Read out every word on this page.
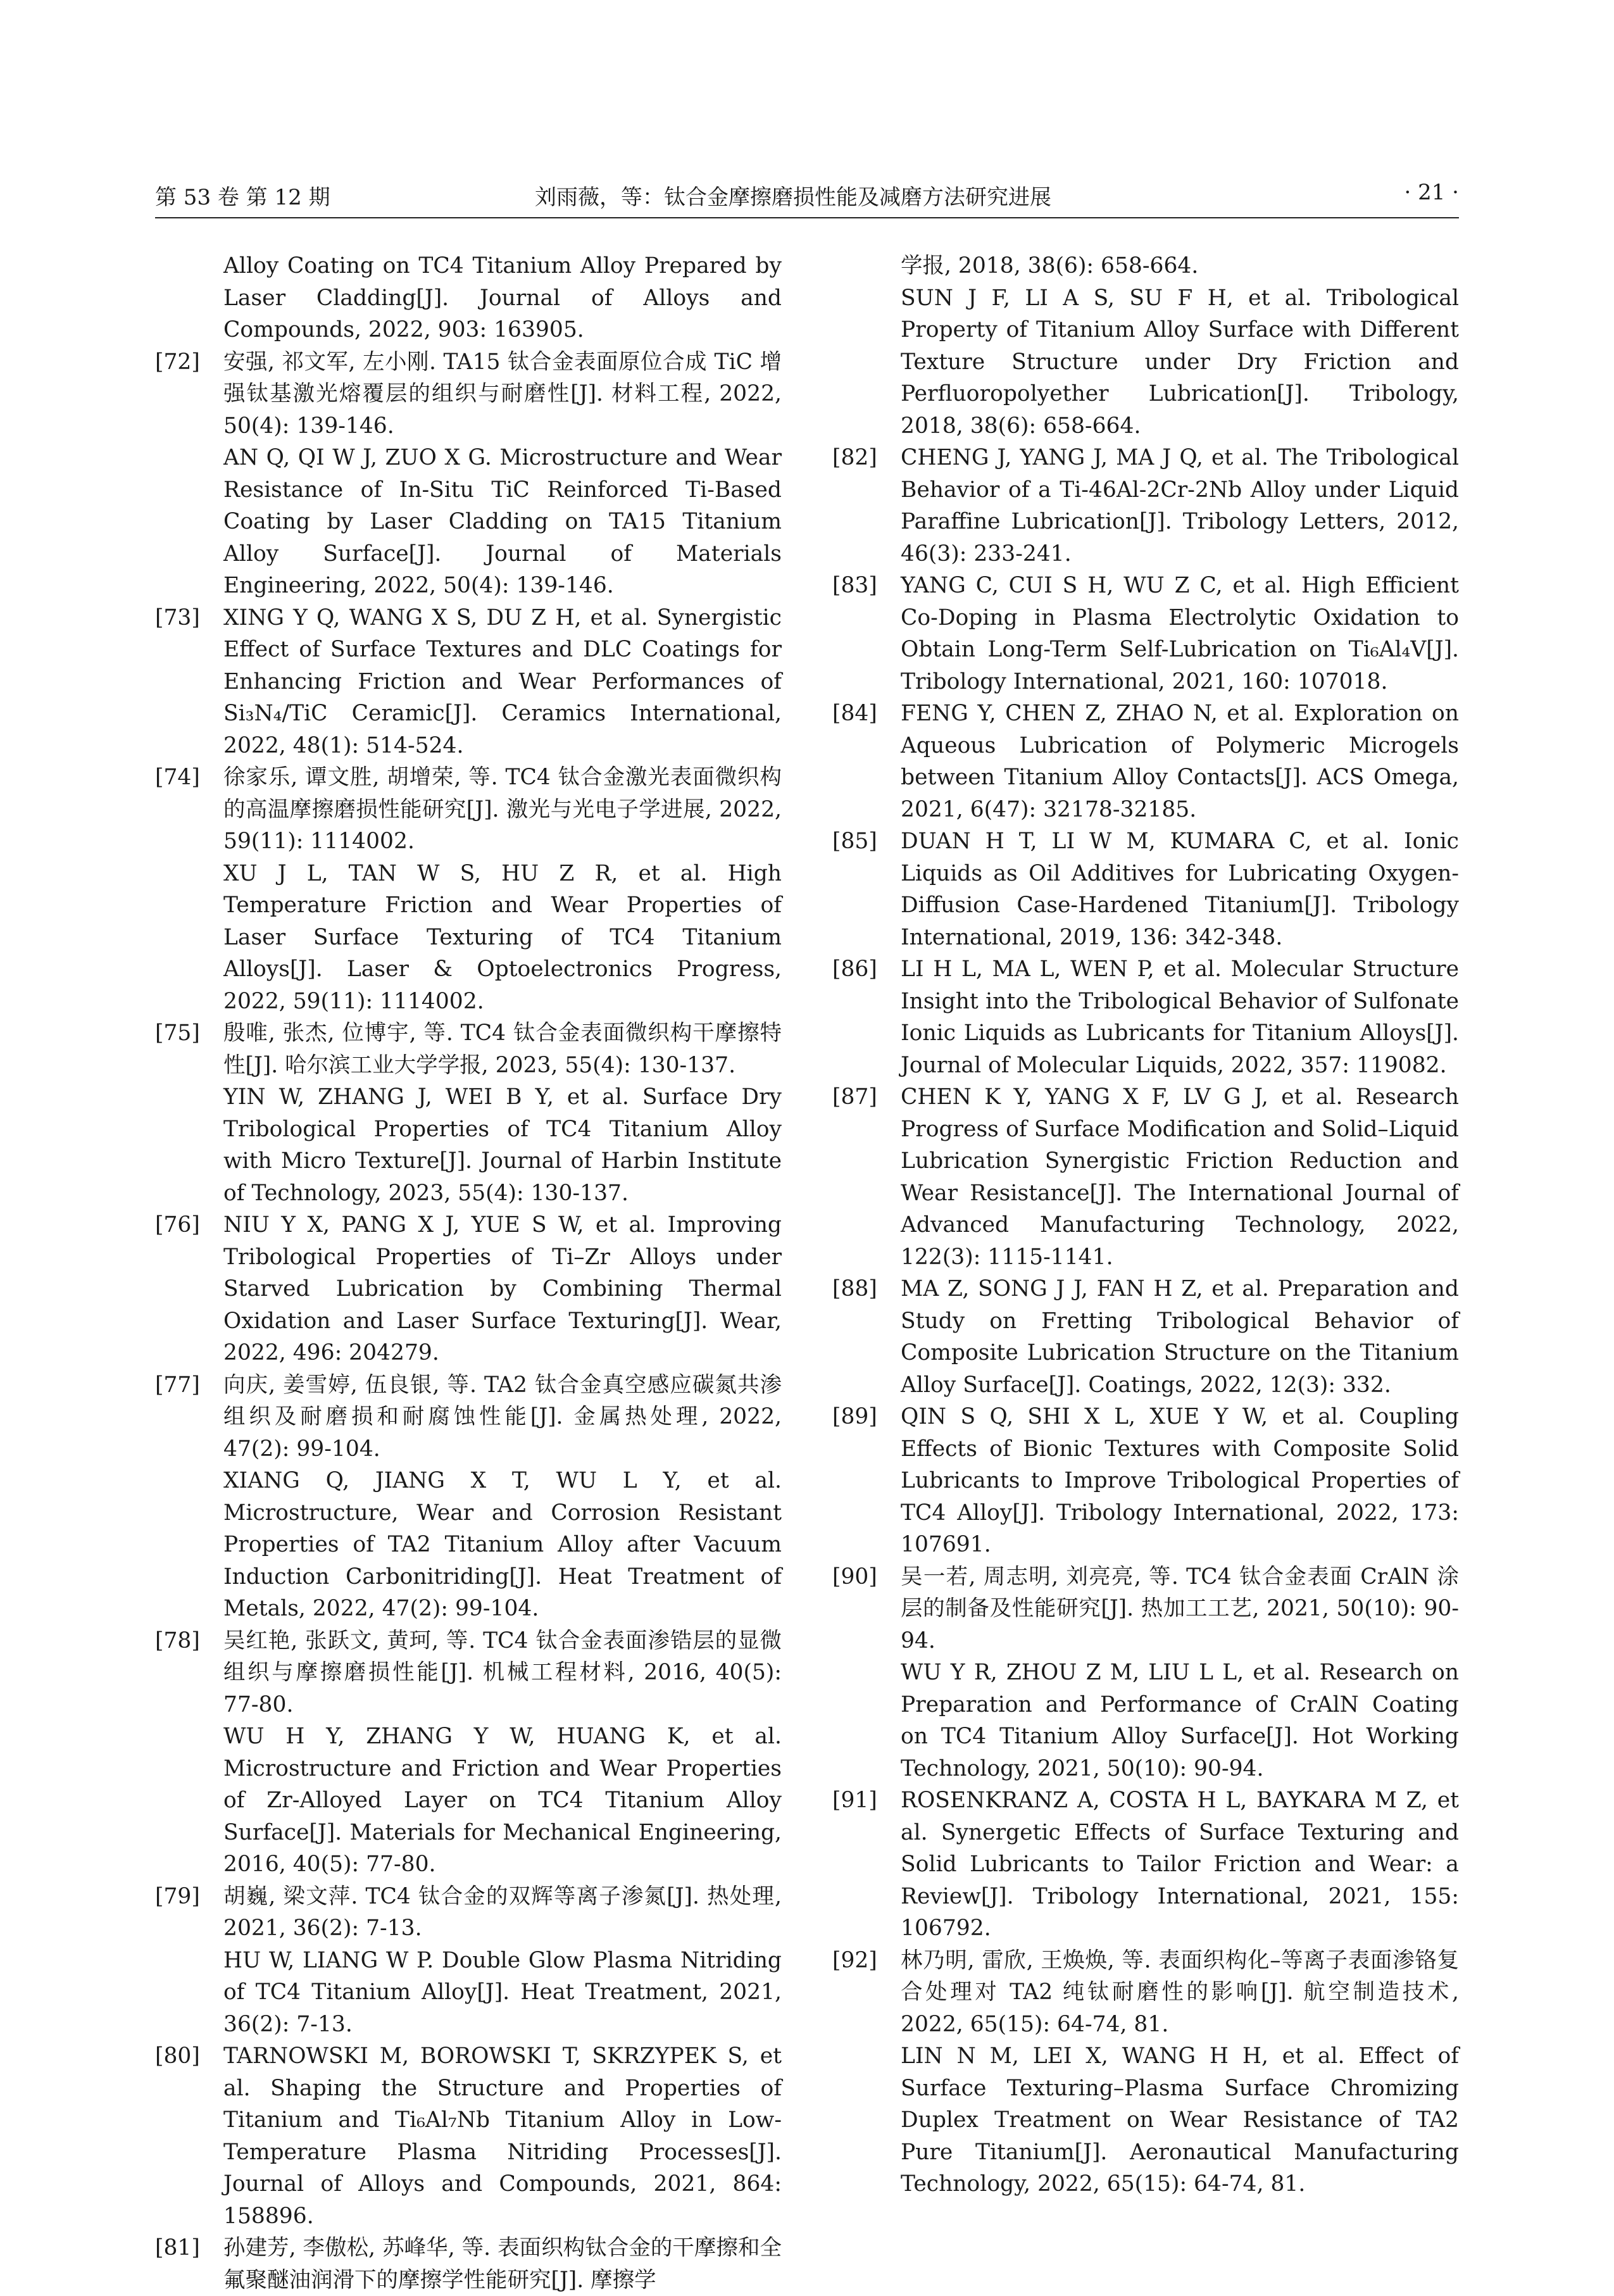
第 53 卷 第 12 期	刘雨薇，等：钛合金摩擦磨损性能及减磨方法研究进展	· 21 ·

Alloy Coating on TC4 Titanium Alloy Prepared by Laser Cladding[J]. Journal of Alloys and Compounds, 2022, 903: 163905.

[72] 安强, 祁文军, 左小刚. TA15 钛合金表面原位合成 TiC 增强钛基激光熔覆层的组织与耐磨性[J]. 材料工程, 2022, 50(4): 139-146.

AN Q, QI W J, ZUO X G. Microstructure and Wear Resistance of In-Situ TiC Reinforced Ti-Based Coating by Laser Cladding on TA15 Titanium Alloy Surface[J]. Journal of Materials Engineering, 2022, 50(4): 139-146.

[73] XING Y Q, WANG X S, DU Z H, et al. Synergistic Effect of Surface Textures and DLC Coatings for Enhancing Friction and Wear Performances of Si₃N₄/TiC Ceramic[J]. Ceramics International, 2022, 48(1): 514-524.

[74] 徐家乐, 谭文胜, 胡增荣, 等. TC4 钛合金激光表面微织构的高温摩擦磨损性能研究[J]. 激光与光电子学进展, 2022, 59(11): 1114002.

XU J L, TAN W S, HU Z R, et al. High Temperature Friction and Wear Properties of Laser Surface Texturing of TC4 Titanium Alloys[J]. Laser & Optoelectronics Progress, 2022, 59(11): 1114002.

[75] 殷唯, 张杰, 位博宇, 等. TC4 钛合金表面微织构干摩擦特性[J]. 哈尔滨工业大学学报, 2023, 55(4): 130-137.

YIN W, ZHANG J, WEI B Y, et al. Surface Dry Tribological Properties of TC4 Titanium Alloy with Micro Texture[J]. Journal of Harbin Institute of Technology, 2023, 55(4): 130-137.

[76] NIU Y X, PANG X J, YUE S W, et al. Improving Tribological Properties of Ti–Zr Alloys under Starved Lubrication by Combining Thermal Oxidation and Laser Surface Texturing[J]. Wear, 2022, 496: 204279.

[77] 向庆, 姜雪婷, 伍良银, 等. TA2 钛合金真空感应碳氮共渗组织及耐磨损和耐腐蚀性能[J]. 金属热处理, 2022, 47(2): 99-104.

XIANG Q, JIANG X T, WU L Y, et al. Microstructure, Wear and Corrosion Resistant Properties of TA2 Titanium Alloy after Vacuum Induction Carbonitriding[J]. Heat Treatment of Metals, 2022, 47(2): 99-104.

[78] 吴红艳, 张跃文, 黄珂, 等. TC4 钛合金表面渗锆层的显微组织与摩擦磨损性能[J]. 机械工程材料, 2016, 40(5): 77-80.

WU H Y, ZHANG Y W, HUANG K, et al. Microstructure and Friction and Wear Properties of Zr-Alloyed Layer on TC4 Titanium Alloy Surface[J]. Materials for Mechanical Engineering, 2016, 40(5): 77-80.

[79] 胡巍, 梁文萍. TC4 钛合金的双辉等离子渗氮[J]. 热处理, 2021, 36(2): 7-13.

HU W, LIANG W P. Double Glow Plasma Nitriding of TC4 Titanium Alloy[J]. Heat Treatment, 2021, 36(2): 7-13.

[80] TARNOWSKI M, BOROWSKI T, SKRZYPEK S, et al. Shaping the Structure and Properties of Titanium and Ti₆Al₇Nb Titanium Alloy in Low-Temperature Plasma Nitriding Processes[J]. Journal of Alloys and Compounds, 2021, 864: 158896.

[81] 孙建芳, 李傲松, 苏峰华, 等. 表面织构钛合金的干摩擦和全氟聚醚油润滑下的摩擦学性能研究[J]. 摩擦学

学报, 2018, 38(6): 658-664.

SUN J F, LI A S, SU F H, et al. Tribological Property of Titanium Alloy Surface with Different Texture Structure under Dry Friction and Perfluoropolyether Lubrication[J]. Tribology, 2018, 38(6): 658-664.

[82] CHENG J, YANG J, MA J Q, et al. The Tribological Behavior of a Ti-46Al-2Cr-2Nb Alloy under Liquid Paraffine Lubrication[J]. Tribology Letters, 2012, 46(3): 233-241.

[83] YANG C, CUI S H, WU Z C, et al. High Efficient Co-Doping in Plasma Electrolytic Oxidation to Obtain Long-Term Self-Lubrication on Ti₆Al₄V[J]. Tribology International, 2021, 160: 107018.

[84] FENG Y, CHEN Z, ZHAO N, et al. Exploration on Aqueous Lubrication of Polymeric Microgels between Titanium Alloy Contacts[J]. ACS Omega, 2021, 6(47): 32178-32185.

[85] DUAN H T, LI W M, KUMARA C, et al. Ionic Liquids as Oil Additives for Lubricating Oxygen-Diffusion Case-Hardened Titanium[J]. Tribology International, 2019, 136: 342-348.

[86] LI H L, MA L, WEN P, et al. Molecular Structure Insight into the Tribological Behavior of Sulfonate Ionic Liquids as Lubricants for Titanium Alloys[J]. Journal of Molecular Liquids, 2022, 357: 119082.

[87] CHEN K Y, YANG X F, LV G J, et al. Research Progress of Surface Modification and Solid–Liquid Lubrication Synergistic Friction Reduction and Wear Resistance[J]. The International Journal of Advanced Manufacturing Technology, 2022, 122(3): 1115-1141.

[88] MA Z, SONG J J, FAN H Z, et al. Preparation and Study on Fretting Tribological Behavior of Composite Lubrication Structure on the Titanium Alloy Surface[J]. Coatings, 2022, 12(3): 332.

[89] QIN S Q, SHI X L, XUE Y W, et al. Coupling Effects of Bionic Textures with Composite Solid Lubricants to Improve Tribological Properties of TC4 Alloy[J]. Tribology International, 2022, 173: 107691.

[90] 吴一若, 周志明, 刘亮亮, 等. TC4 钛合金表面 CrAlN 涂层的制备及性能研究[J]. 热加工工艺, 2021, 50(10): 90-94.

WU Y R, ZHOU Z M, LIU L L, et al. Research on Preparation and Performance of CrAlN Coating on TC4 Titanium Alloy Surface[J]. Hot Working Technology, 2021, 50(10): 90-94.

[91] ROSENKRANZ A, COSTA H L, BAYKARA M Z, et al. Synergetic Effects of Surface Texturing and Solid Lubricants to Tailor Friction and Wear: a Review[J]. Tribology International, 2021, 155: 106792.

[92] 林乃明, 雷欣, 王焕焕, 等. 表面织构化–等离子表面渗铬复合处理对 TA2 纯钛耐磨性的影响[J]. 航空制造技术, 2022, 65(15): 64-74, 81.

LIN N M, LEI X, WANG H H, et al. Effect of Surface Texturing–Plasma Surface Chromizing Duplex Treatment on Wear Resistance of TA2 Pure Titanium[J]. Aeronautical Manufacturing Technology, 2022, 65(15): 64-74, 81.
